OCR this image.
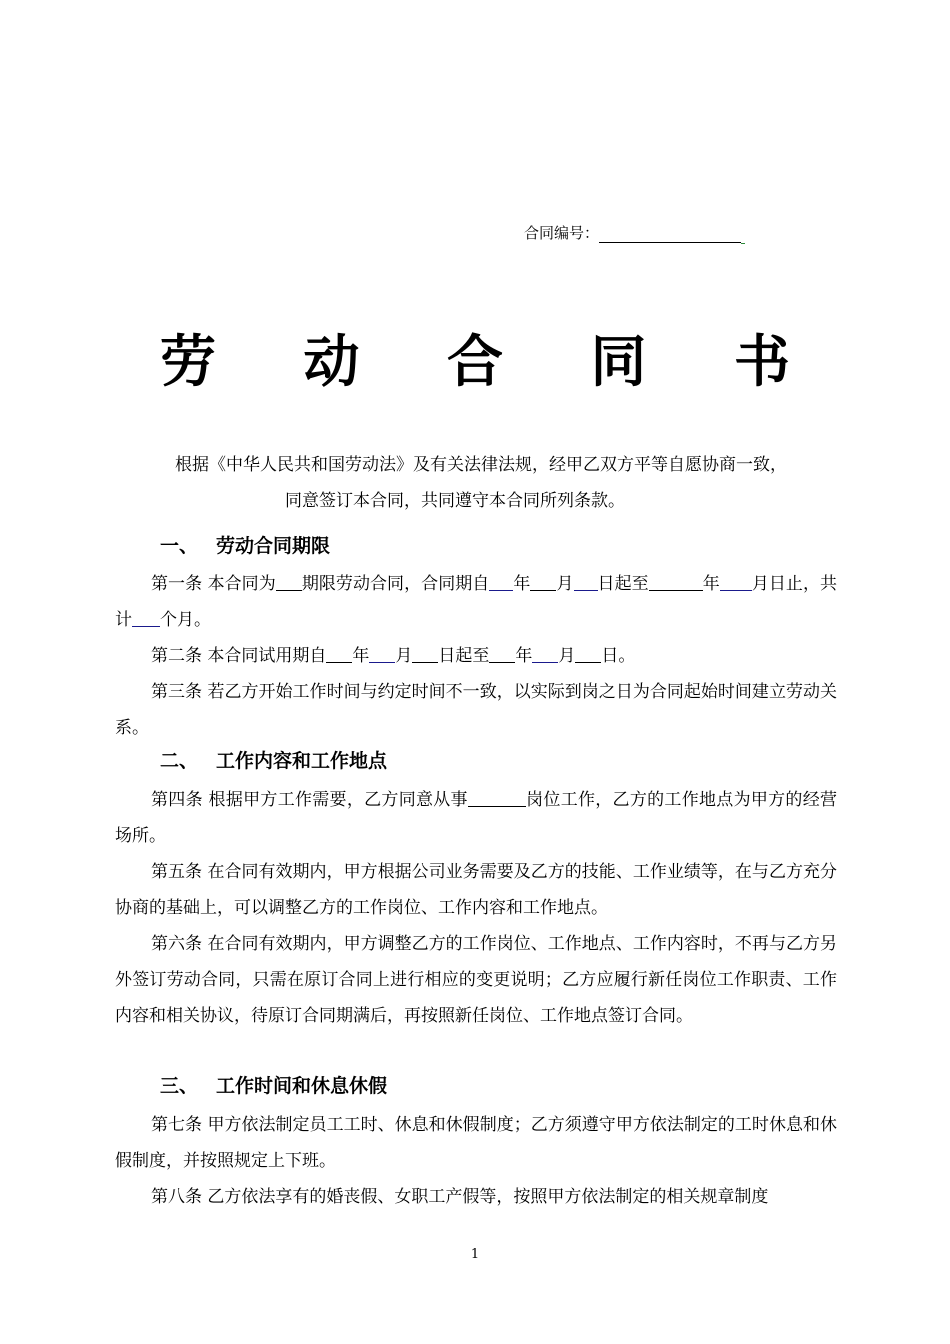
合同编号：
劳 动 合 同 书

根据《中华人民共和国劳动法》及有关法律法规，经甲乙双方平等自愿协商一致，

同意签订本合同，共同遵守本合同所列条款。

一、 劳动合同期限

第一条 本合同为 期限劳动合同，合同期自 年 月 日起至	年 月日止，共计 个月。

第二条 本合同试用期自 年 月 日起至 年 月 日。

第三条 若乙方开始工作时间与约定时间不一致，以实际到岗之日为合同起始时间建立劳动关系。

二、 工作内容和工作地点

第四条 根据甲方工作需要，乙方同意从事	岗位工作，乙方的工作地点为甲方的经营场所。

第五条 在合同有效期内，甲方根据公司业务需要及乙方的技能、工作业绩等，在与乙方充分协商的基础上，可以调整乙方的工作岗位、工作内容和工作地点。

第六条 在合同有效期内，甲方调整乙方的工作岗位、工作地点、工作内容时，不再与乙方另外签订劳动合同，只需在原订合同上进行相应的变更说明；乙方应履行新任岗位工作职责、工作内容和相关协议，待原订合同期满后，再按照新任岗位、工作地点签订合同。

三、 工作时间和休息休假

第七条 甲方依法制定员工工时、休息和休假制度；乙方须遵守甲方依法制定的工时休息和休假制度，并按照规定上下班。

第八条 乙方依法享有的婚丧假、女职工产假等，按照甲方依法制定的相关规章制度

1
